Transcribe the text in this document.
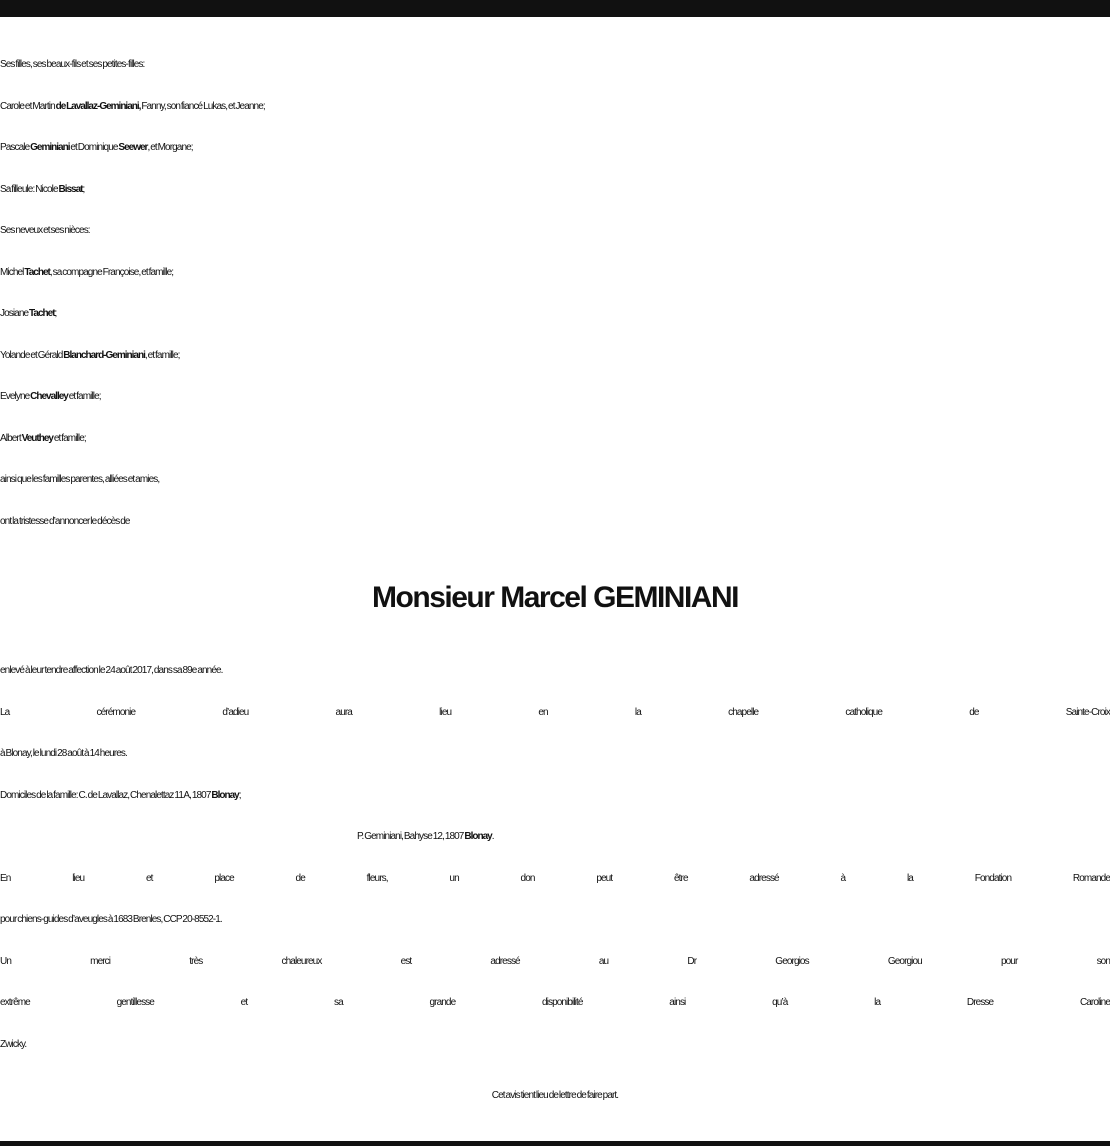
Ses filles, ses beaux-fils et ses petites-filles:
Carole et Martin de Lavallaz-Geminiani, Fanny, son fiancé Lukas, et Jeanne;
Pascale Geminiani et Dominique Seewer, et Morgane;
Sa filleule: Nicole Bissat;
Ses neveux et ses nièces:
Michel Tachet, sa compagne Françoise, et famille;
Josiane Tachet;
Yolande et Gérald Blanchard-Geminiani, et famille;
Evelyne Chevalley et famille;
Albert Veuthey et famille;
ainsi que les familles parentes, alliées et amies,
ont la tristesse d’annoncer le décès de
Monsieur Marcel GEMINIANI
enlevé à leur tendre affection le 24 août 2017, dans sa 89e année.
La cérémonie d’adieu aura lieu en la chapelle catholique de Sainte-Croix
à Blonay, le lundi 28 août à 14 heures.
Domiciles de la famille: C. de Lavallaz, Chenalettaz 11 A, 1807 Blonay;
P. Geminiani, Bahyse 12, 1807 Blonay.
En lieu et place de fleurs, un don peut être adressé à la Fondation Romande
pour chiens-guides d’aveugles à 1683 Brenles, CCP 20-8552-1.
Un merci très chaleureux est adressé au Dr Georgios Georgiou pour son
extrême gentillesse et sa grande disponibilité ainsi qu’à la Dresse Caroline
Zwicky.
Cet avis tient lieu de lettre de faire part.
